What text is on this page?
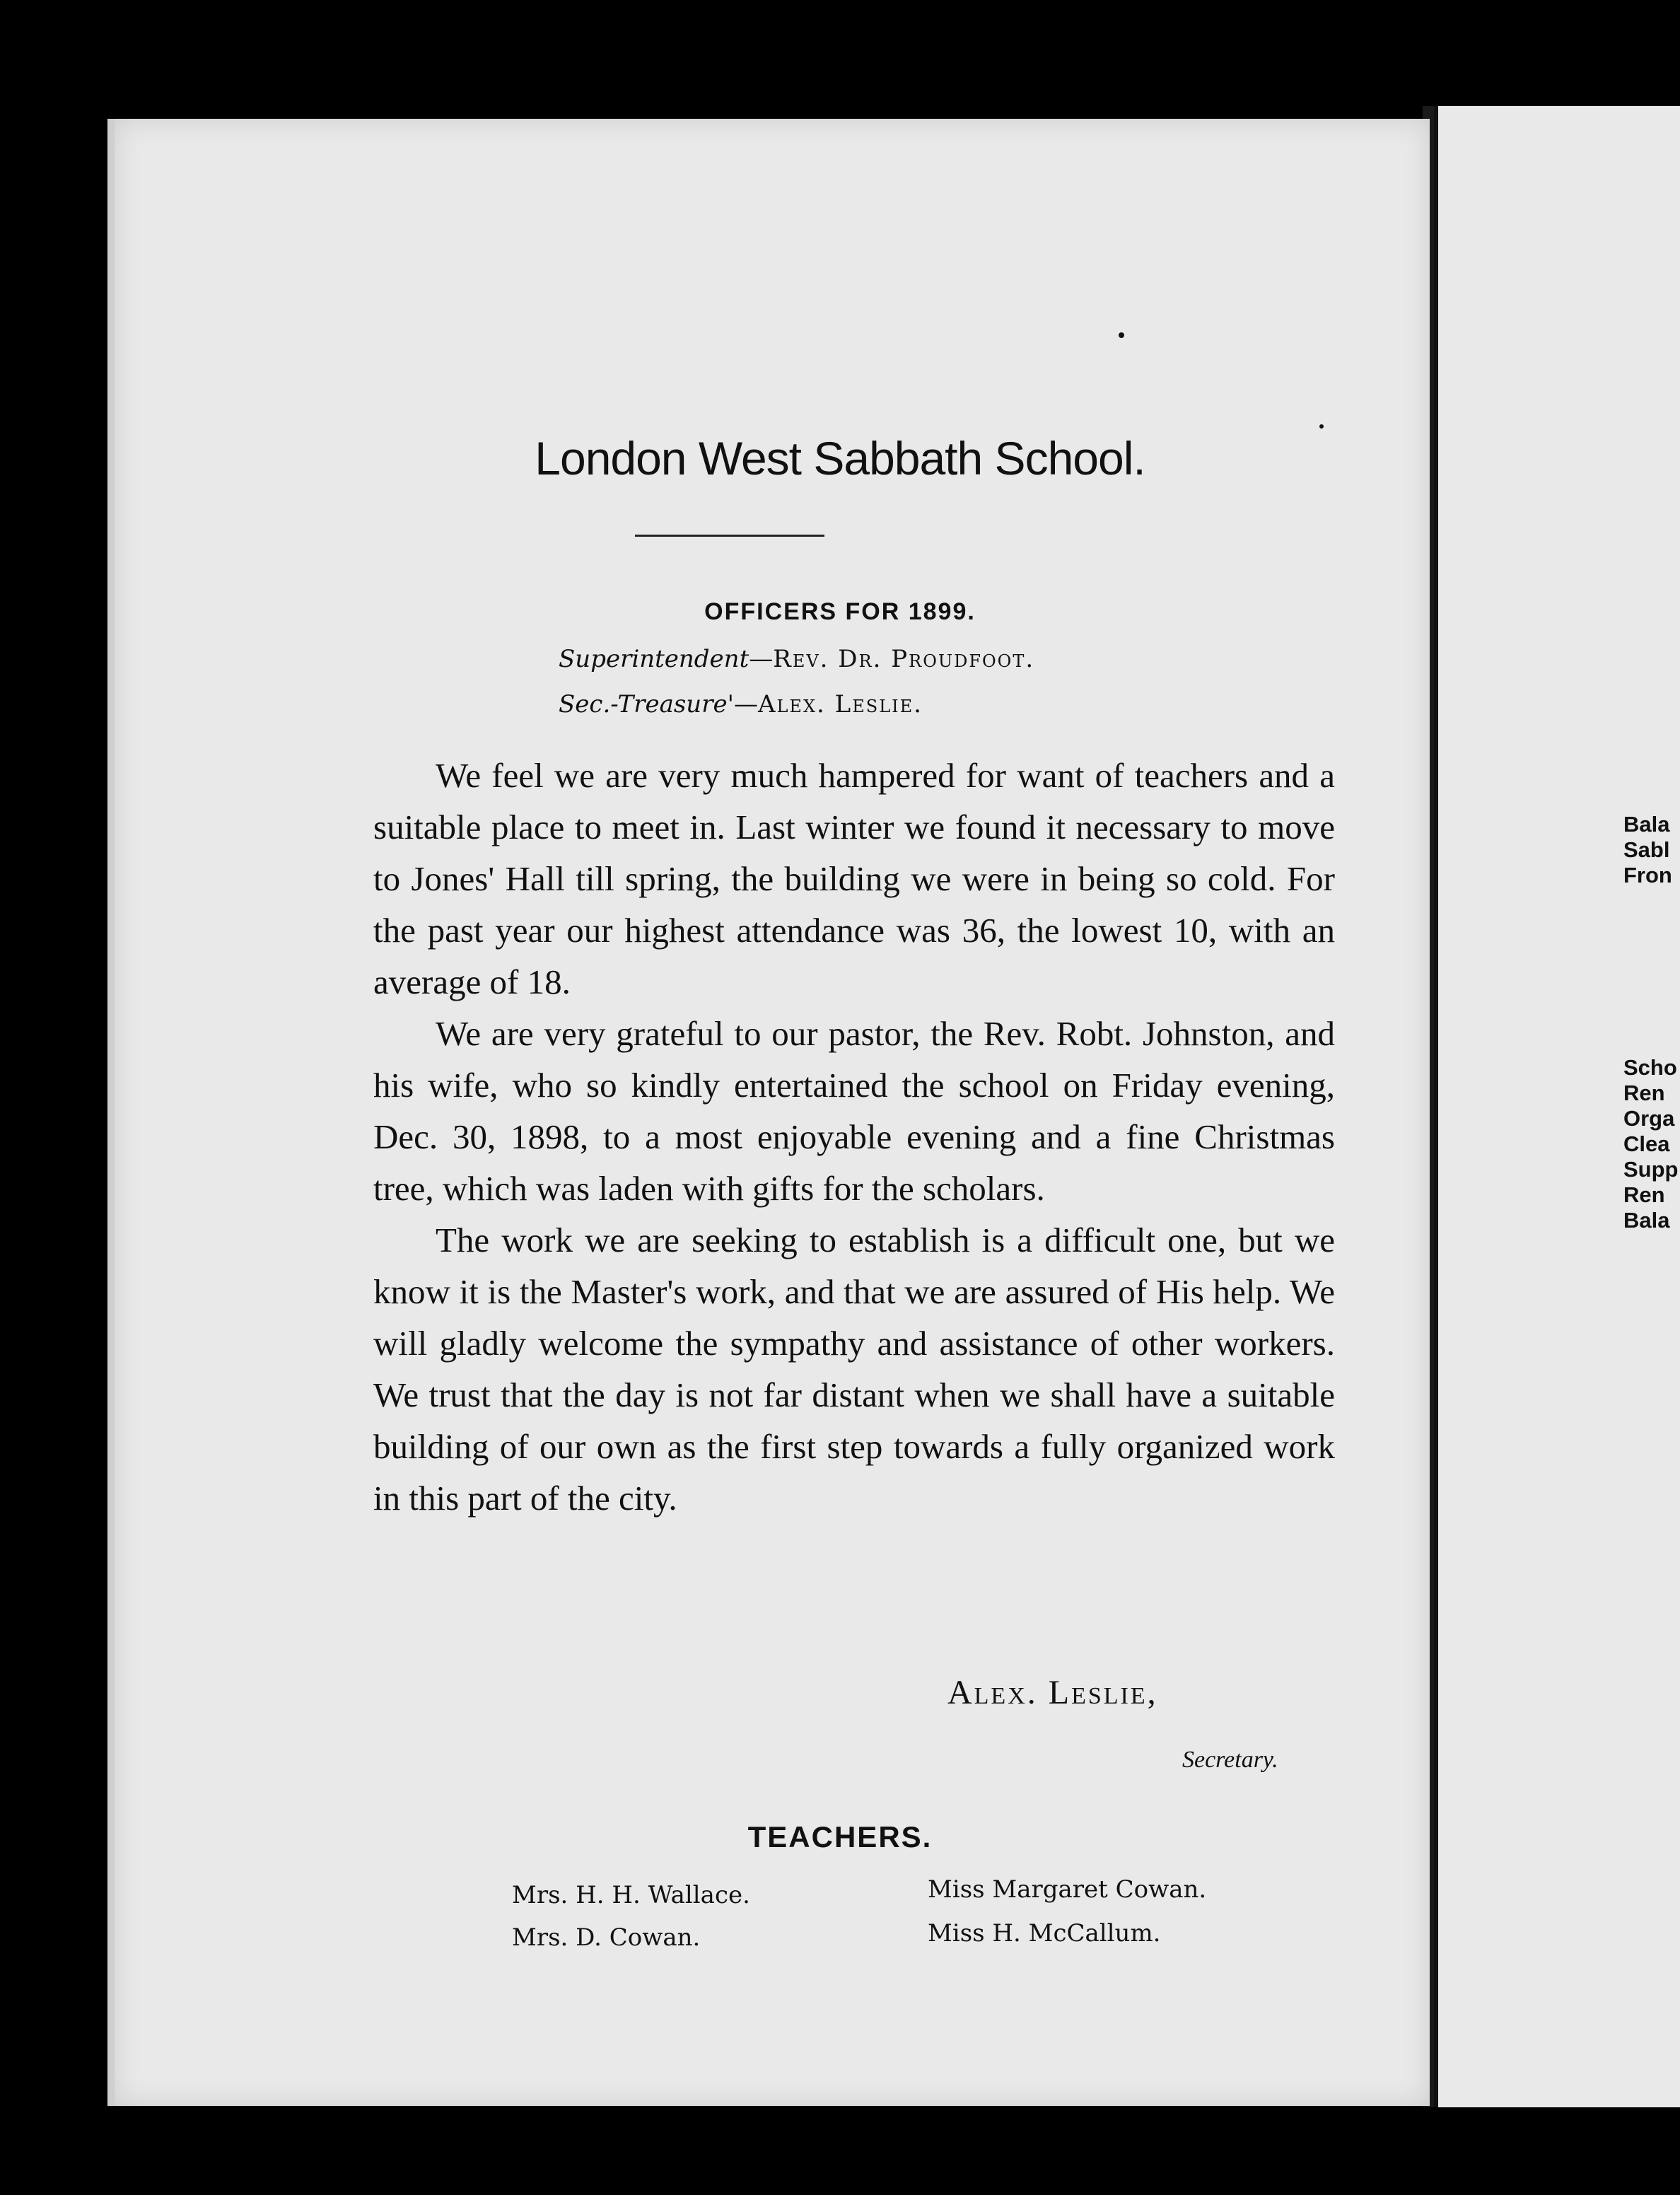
London West Sabbath School.
OFFICERS FOR 1899.
Superintendent—Rev. Dr. Proudfoot.
Sec.-Treasure'—Alex. Leslie.

We feel we are very much hampered for want of teachers and a suitable place to meet in. Last winter we found it necessary to move to Jones' Hall till spring, the building we were in being so cold. For the past year our highest attendance was 36, the lowest 10, with an average of 18.

We are very grateful to our pastor, the Rev. Robt. Johnston, and his wife, who so kindly entertained the school on Friday evening, Dec. 30, 1898, to a most enjoyable evening and a fine Christmas tree, which was laden with gifts for the scholars.

The work we are seeking to establish is a difficult one, but we know it is the Master's work, and that we are assured of His help. We will gladly welcome the sympathy and assistance of other workers. We trust that the day is not far distant when we shall have a suitable building of our own as the first step towards a fully organized work in this part of the city.

Alex. Leslie,
Secretary.
TEACHERS.
Mrs. H. H. Wallace.
Mrs. D. Cowan.
Miss Margaret Cowan.
Miss H. McCallum.
Bala
Sabl
Fron
Scho
Ren
Orga
Clea
Supp
Ren
Bala
